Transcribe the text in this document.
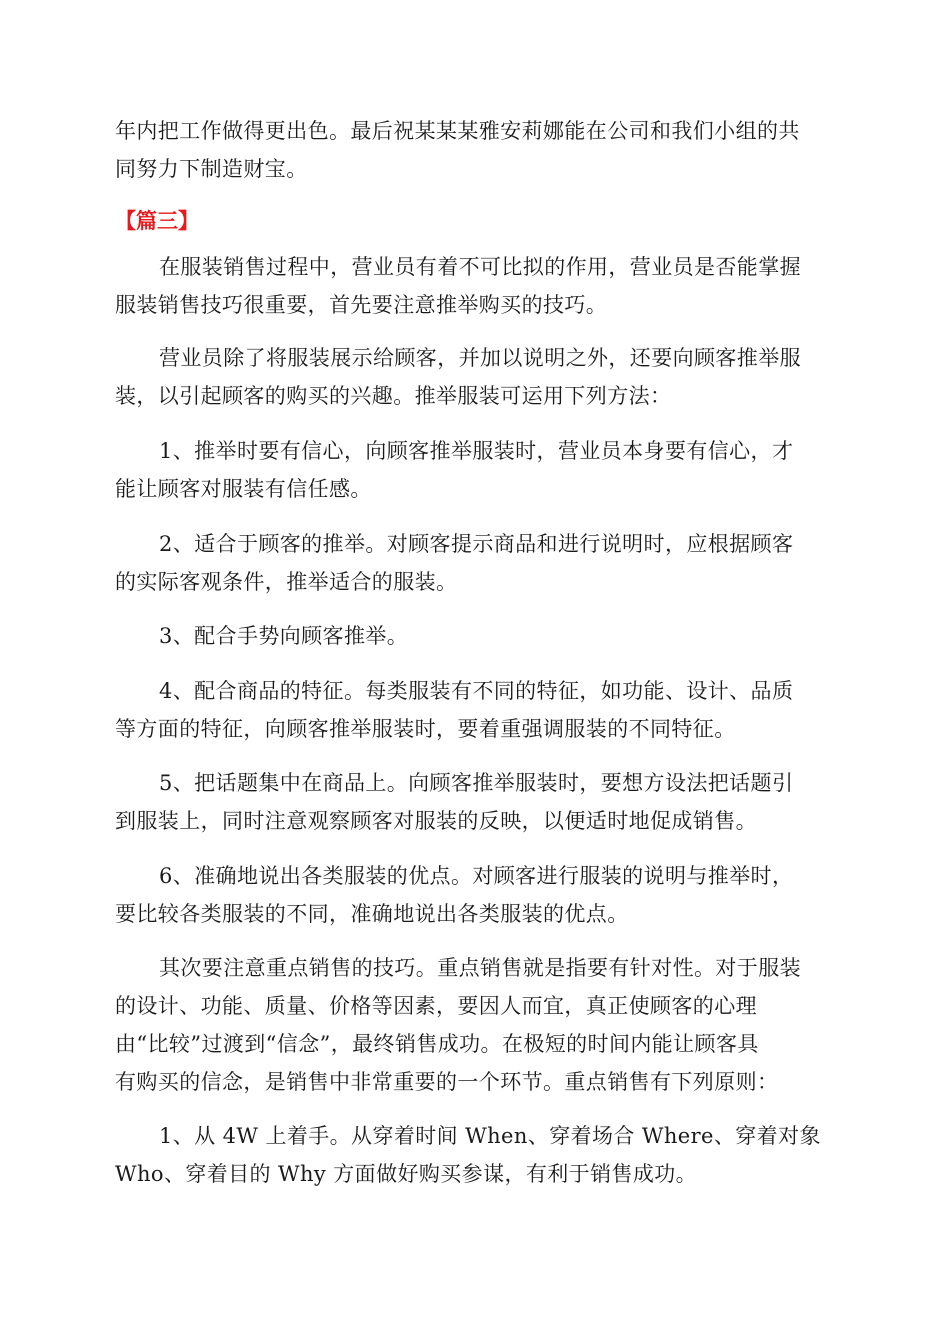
年内把工作做得更出色。最后祝某某某雅安莉娜能在公司和我们小组的共
同努力下制造财宝。
【篇三】
在服装销售过程中，营业员有着不可比拟的作用，营业员是否能掌握
服装销售技巧很重要，首先要注意推举购买的技巧。
营业员除了将服装展示给顾客，并加以说明之外，还要向顾客推举服
装，以引起顾客的购买的兴趣。推举服装可运用下列方法：
1、推举时要有信心，向顾客推举服装时，营业员本身要有信心，才
能让顾客对服装有信任感。
2、适合于顾客的推举。对顾客提示商品和进行说明时，应根据顾客
的实际客观条件，推举适合的服装。
3、配合手势向顾客推举。
4、配合商品的特征。每类服装有不同的特征，如功能、设计、品质
等方面的特征，向顾客推举服装时，要着重强调服装的不同特征。
5、把话题集中在商品上。向顾客推举服装时，要想方设法把话题引
到服装上，同时注意观察顾客对服装的反映，以便适时地促成销售。
6、准确地说出各类服装的优点。对顾客进行服装的说明与推举时，
要比较各类服装的不同，准确地说出各类服装的优点。
其次要注意重点销售的技巧。重点销售就是指要有针对性。对于服装
的设计、功能、质量、价格等因素，要因人而宜，真正使顾客的心理
由“比较”过渡到“信念”，最终销售成功。在极短的时间内能让顾客具
有购买的信念，是销售中非常重要的一个环节。重点销售有下列原则：
1、从 4W 上着手。从穿着时间 When、穿着场合 Where、穿着对象
Who、穿着目的 Why 方面做好购买参谋，有利于销售成功。
